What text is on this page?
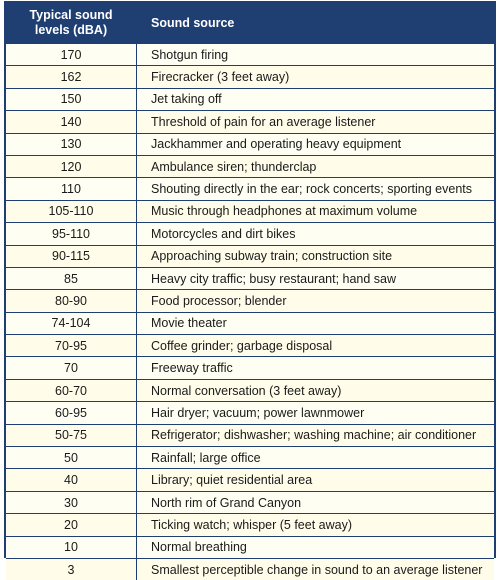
Typical sound levels (dBA)	Sound source
170	Shotgun firing
162	Firecracker (3 feet away)
150	Jet taking off
140	Threshold of pain for an average listener
130	Jackhammer and operating heavy equipment
120	Ambulance siren; thunderclap
110	Shouting directly in the ear; rock concerts; sporting events
105-110	Music through headphones at maximum volume
95-110	Motorcycles and dirt bikes
90-115	Approaching subway train; construction site
85	Heavy city traffic; busy restaurant; hand saw
80-90	Food processor; blender
74-104	Movie theater
70-95	Coffee grinder; garbage disposal
70	Freeway traffic
60-70	Normal conversation (3 feet away)
60-95	Hair dryer; vacuum; power lawnmower
50-75	Refrigerator; dishwasher; washing machine; air conditioner
50	Rainfall; large office
40	Library; quiet residential area
30	North rim of Grand Canyon
20	Ticking watch; whisper (5 feet away)
10	Normal breathing
3	Smallest perceptible change in sound to an average listener
